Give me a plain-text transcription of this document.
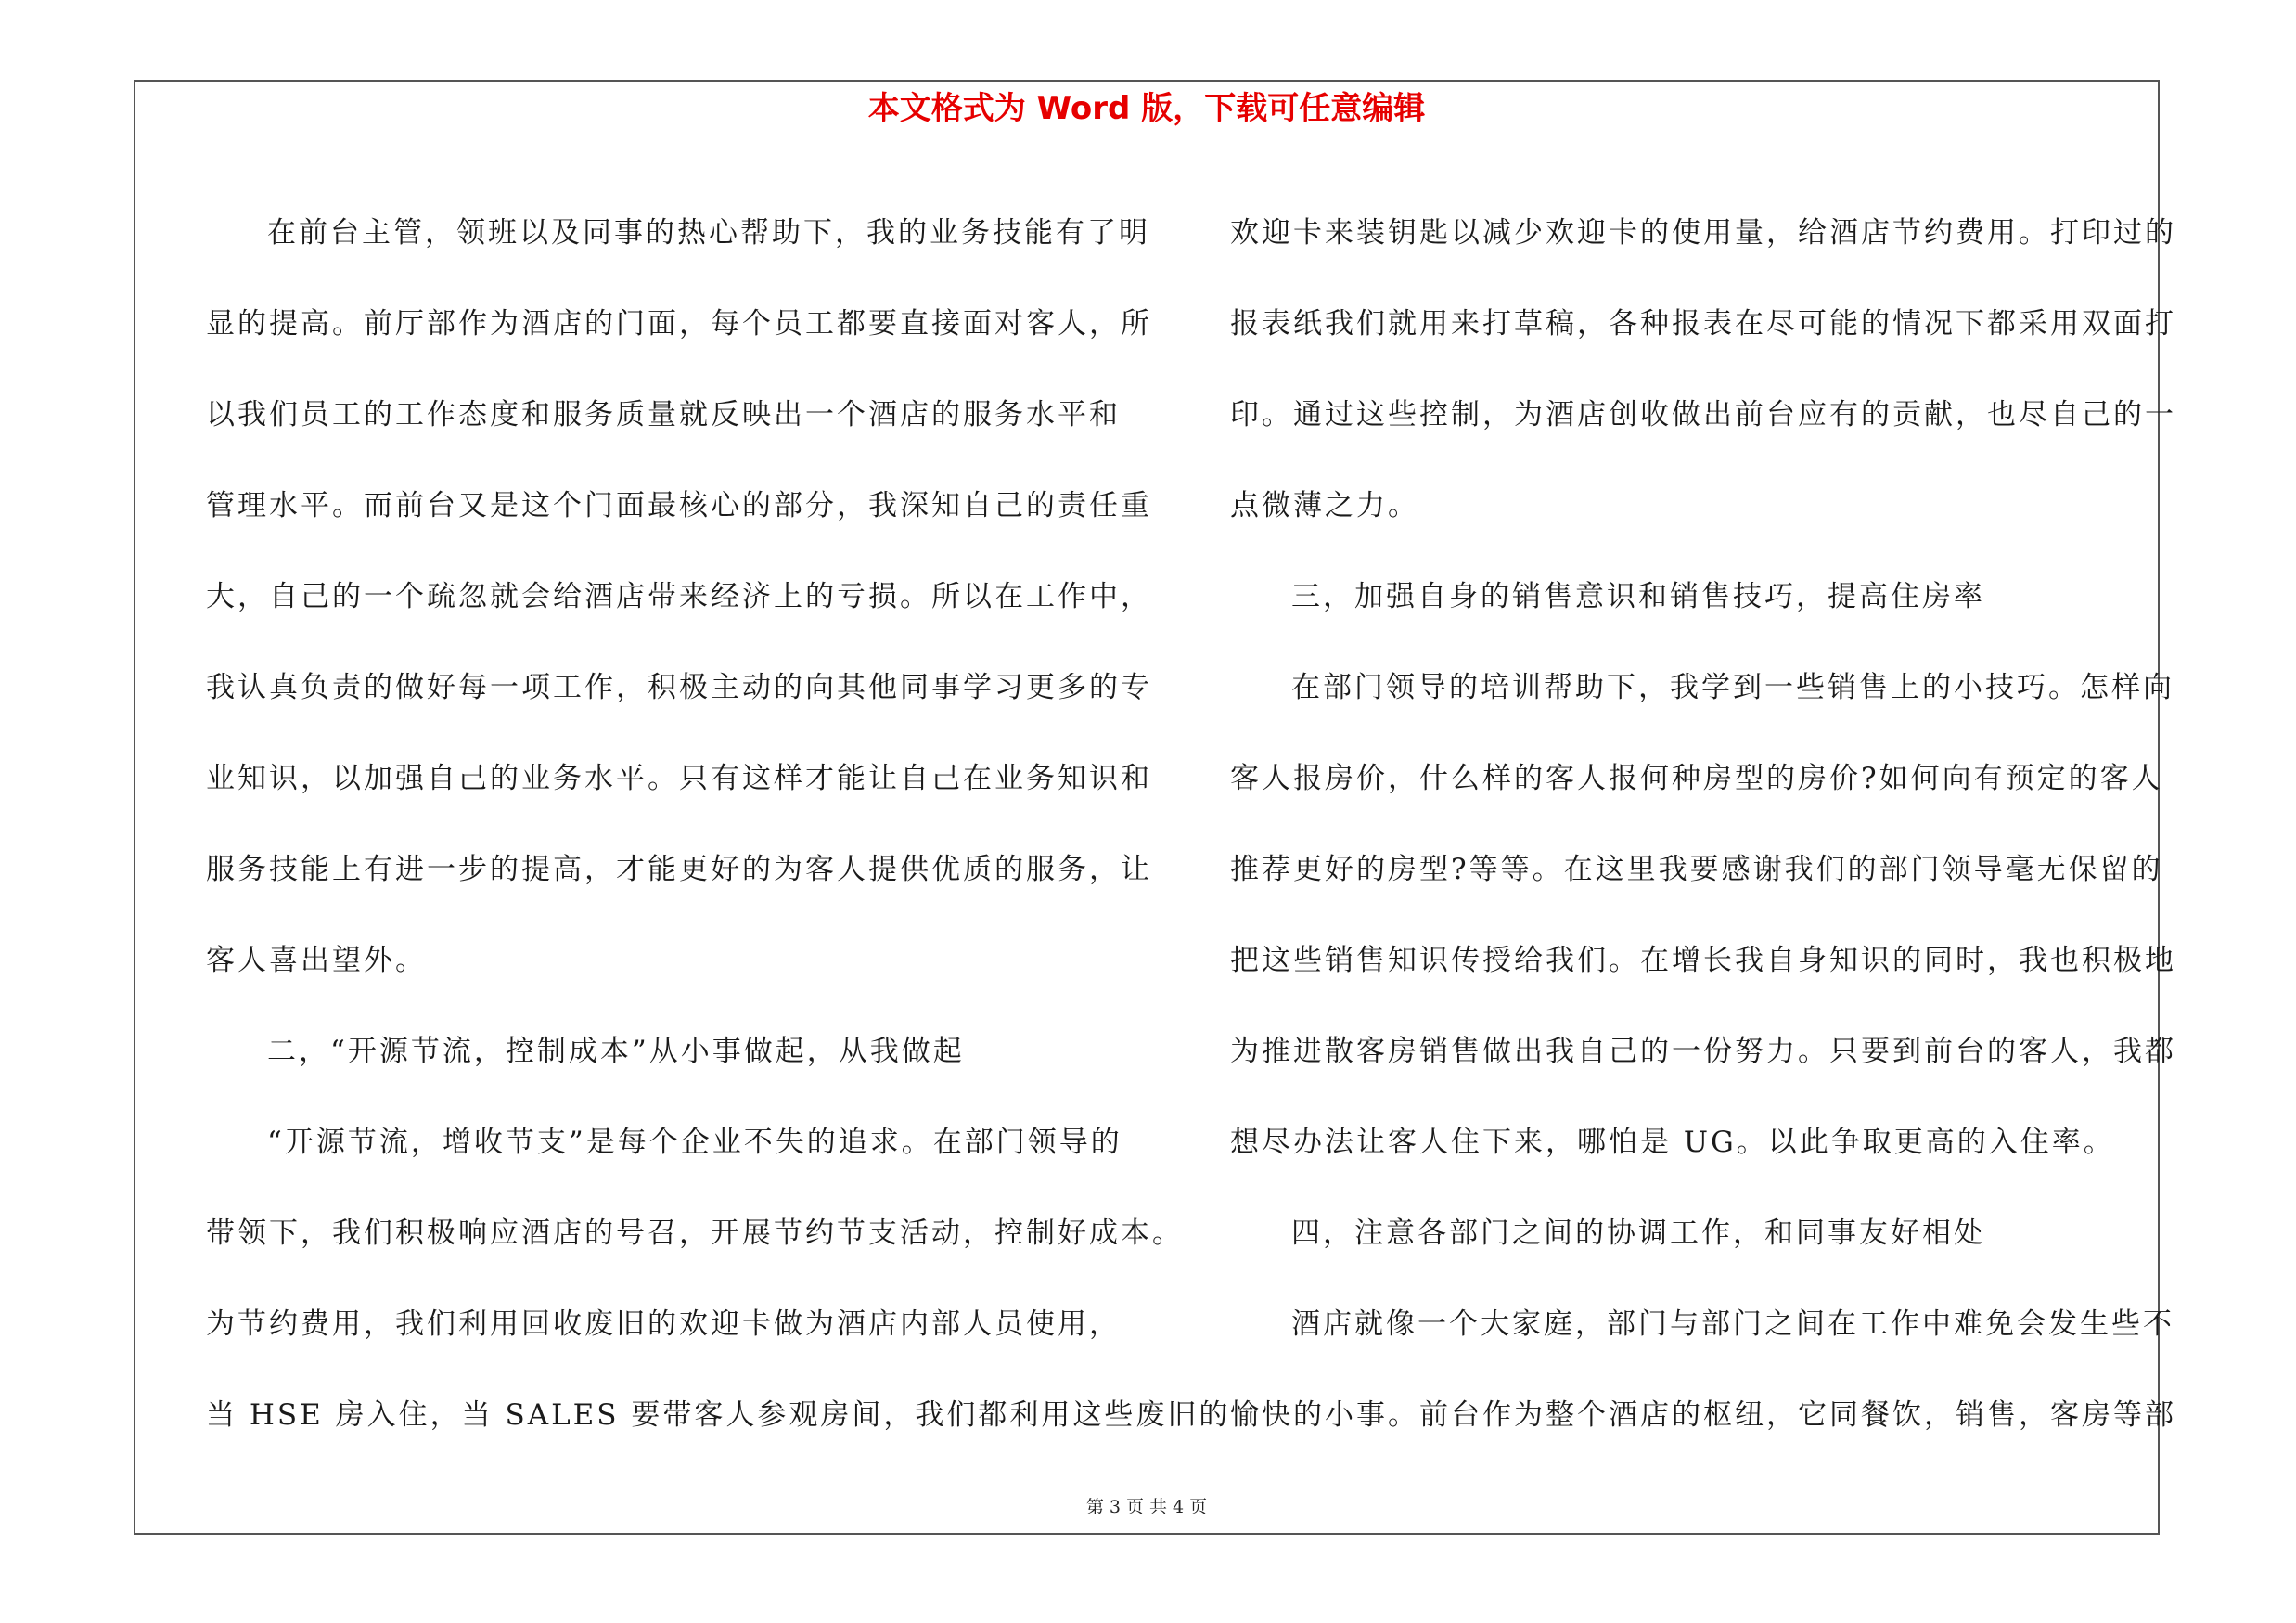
本文格式为 Word 版，下载可任意编辑

在前台主管，领班以及同事的热心帮助下，我的业务技能有了明
显的提高。前厅部作为酒店的门面，每个员工都要直接面对客人，所
以我们员工的工作态度和服务质量就反映出一个酒店的服务水平和
管理水平。而前台又是这个门面最核心的部分，我深知自己的责任重
大，自己的一个疏忽就会给酒店带来经济上的亏损。所以在工作中，
我认真负责的做好每一项工作，积极主动的向其他同事学习更多的专
业知识，以加强自己的业务水平。只有这样才能让自己在业务知识和
服务技能上有进一步的提高，才能更好的为客人提供优质的服务，让
客人喜出望外。

二，“开源节流，控制成本”从小事做起，从我做起

“开源节流，增收节支”是每个企业不失的追求。在部门领导的
带领下，我们积极响应酒店的号召，开展节约节支活动，控制好成本。
为节约费用，我们利用回收废旧的欢迎卡做为酒店内部人员使用，
当 HSE 房入住，当 SALES 要带客人参观房间，我们都利用这些废旧的

欢迎卡来装钥匙以减少欢迎卡的使用量，给酒店节约费用。打印过的
报表纸我们就用来打草稿，各种报表在尽可能的情况下都采用双面打
印。通过这些控制，为酒店创收做出前台应有的贡献，也尽自己的一
点微薄之力。

三，加强自身的销售意识和销售技巧，提高住房率

在部门领导的培训帮助下，我学到一些销售上的小技巧。怎样向
客人报房价，什么样的客人报何种房型的房价?如何向有预定的客人
推荐更好的房型?等等。在这里我要感谢我们的部门领导毫无保留的
把这些销售知识传授给我们。在增长我自身知识的同时，我也积极地
为推进散客房销售做出我自己的一份努力。只要到前台的客人，我都
想尽办法让客人住下来，哪怕是 UG。以此争取更高的入住率。

四，注意各部门之间的协调工作，和同事友好相处

酒店就像一个大家庭，部门与部门之间在工作中难免会发生些不
愉快的小事。前台作为整个酒店的枢纽，它同餐饮，销售，客房等部

第 3 页 共 4 页
